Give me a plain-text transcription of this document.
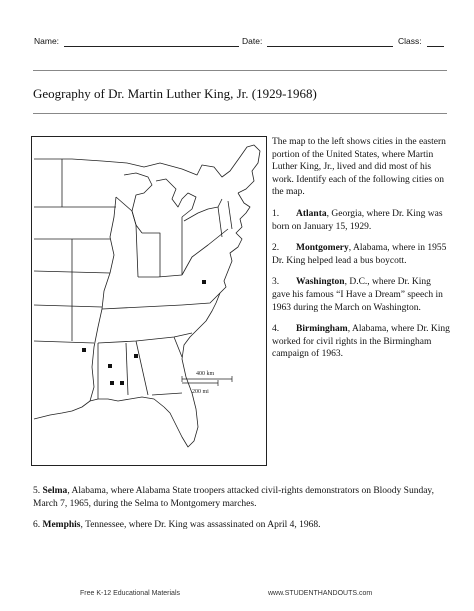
Name:	Date:	Class:
Geography of Dr. Martin Luther King, Jr. (1929-1968)
400 km
200 mi

The map to the left shows cities in the eastern portion of the United States, where Martin Luther King, Jr., lived and did most of his work. Identify each of the following cities on the map.

1. Atlanta, Georgia, where Dr. King was born on January 15, 1929.

2. Montgomery, Alabama, where in 1955 Dr. King helped lead a bus boycott.

3. Washington, D.C., where Dr. King gave his famous “I Have a Dream” speech in 1963 during the March on Washington.

4. Birmingham, Alabama, where Dr. King worked for civil rights in the Birmingham campaign of 1963.

5. Selma, Alabama, where Alabama State troopers attacked civil-rights demonstrators on Bloody Sunday, March 7, 1965, during the Selma to Montgomery marches.

6. Memphis, Tennessee, where Dr. King was assassinated on April 4, 1968.

Free K-12 Educational Materials	www.STUDENTHANDOUTS.com
